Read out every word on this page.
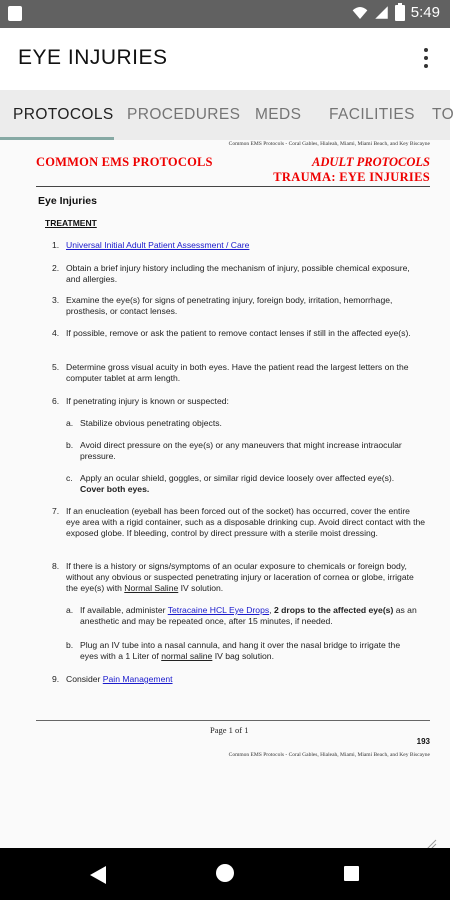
5:49
EYE INJURIES
PROTOCOLS PROCEDURES MEDS FACILITIES TO
Common EMS Protocols - Coral Gables, Hialeah, Miami, Miami Beach, and Key Biscayne
COMMON EMS PROTOCOLS	ADULT PROTOCOLS
TRAUMA: EYE INJURIES
Eye Injuries
TREATMENT
1. Universal Initial Adult Patient Assessment / Care
2. Obtain a brief injury history including the mechanism of injury, possible chemical exposure, and allergies.
3. Examine the eye(s) for signs of penetrating injury, foreign body, irritation, hemorrhage, prosthesis, or contact lenses.
4. If possible, remove or ask the patient to remove contact lenses if still in the affected eye(s).
5. Determine gross visual acuity in both eyes. Have the patient read the largest letters on the computer tablet at arm length.
6. If penetrating injury is known or suspected:
a. Stabilize obvious penetrating objects.
b. Avoid direct pressure on the eye(s) or any maneuvers that might increase intraocular pressure.
c. Apply an ocular shield, goggles, or similar rigid device loosely over affected eye(s). Cover both eyes.
7. If an enucleation (eyeball has been forced out of the socket) has occurred, cover the entire eye area with a rigid container, such as a disposable drinking cup. Avoid direct contact with the exposed globe. If bleeding, control by direct pressure with a sterile moist dressing.
8. If there is a history or signs/symptoms of an ocular exposure to chemicals or foreign body, without any obvious or suspected penetrating injury or laceration of cornea or globe, irrigate the eye(s) with Normal Saline IV solution.
a. If available, administer Tetracaine HCL Eye Drops, 2 drops to the affected eye(s) as an anesthetic and may be repeated once, after 15 minutes, if needed.
b. Plug an IV tube into a nasal cannula, and hang it over the nasal bridge to irrigate the eyes with a 1 Liter of normal saline IV bag solution.
9. Consider Pain Management
Page 1 of 1
193
Common EMS Protocols - Coral Gables, Hialeah, Miami, Miami Beach, and Key Biscayne
